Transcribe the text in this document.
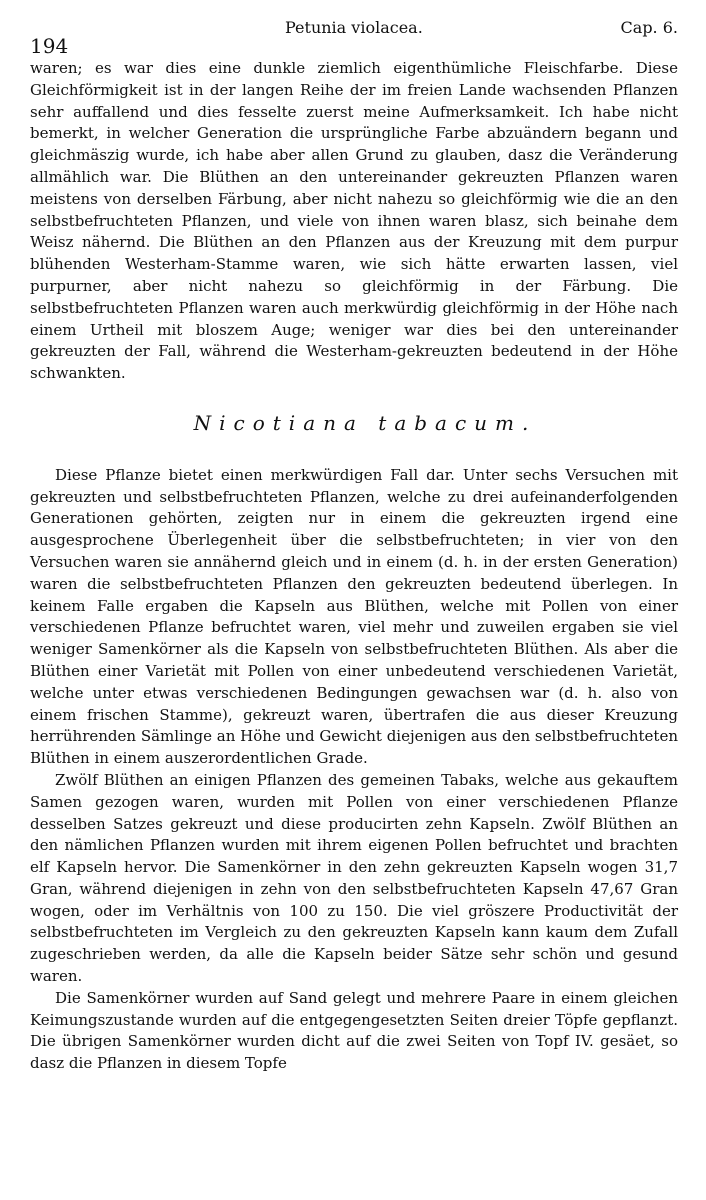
194
Petunia violacea.	Cap. 6.

waren; es war dies eine dunkle ziemlich eigenthümliche Fleischfarbe. Diese Gleichförmigkeit ist in der langen Reihe der im freien Lande wachsenden Pflanzen sehr auffallend und dies fesselte zuerst meine Aufmerksamkeit. Ich habe nicht bemerkt, in welcher Generation die ursprüngliche Farbe abzuändern begann und gleichmäszig wurde, ich habe aber allen Grund zu glauben, dasz die Veränderung allmählich war. Die Blüthen an den untereinander gekreuzten Pflanzen waren meistens von derselben Färbung, aber nicht nahezu so gleichförmig wie die an den selbstbefruchteten Pflanzen, und viele von ihnen waren blasz, sich beinahe dem Weisz nähernd. Die Blüthen an den Pflanzen aus der Kreuzung mit dem purpur blühenden Westerham-Stamme waren, wie sich hätte erwarten lassen, viel purpurner, aber nicht nahezu so gleichförmig in der Färbung. Die selbstbefruchteten Pflanzen waren auch merkwürdig gleichförmig in der Höhe nach einem Urtheil mit bloszem Auge; weniger war dies bei den untereinander gekreuzten der Fall, während die Westerham-gekreuzten bedeutend in der Höhe schwankten.

Nicotiana tabacum.

Diese Pflanze bietet einen merkwürdigen Fall dar. Unter sechs Versuchen mit gekreuzten und selbstbefruchteten Pflanzen, welche zu drei aufeinanderfolgenden Generationen gehörten, zeigten nur in einem die gekreuzten irgend eine ausgesprochene Überlegenheit über die selbstbefruchteten; in vier von den Versuchen waren sie annähernd gleich und in einem (d. h. in der ersten Generation) waren die selbstbefruchteten Pflanzen den gekreuzten bedeutend überlegen. In keinem Falle ergaben die Kapseln aus Blüthen, welche mit Pollen von einer verschiedenen Pflanze befruchtet waren, viel mehr und zuweilen ergaben sie viel weniger Samenkörner als die Kapseln von selbstbefruchteten Blüthen. Als aber die Blüthen einer Varietät mit Pollen von einer unbedeutend verschiedenen Varietät, welche unter etwas verschiedenen Bedingungen gewachsen war (d. h. also von einem frischen Stamme), gekreuzt waren, übertrafen die aus dieser Kreuzung herrührenden Sämlinge an Höhe und Gewicht diejenigen aus den selbstbefruchteten Blüthen in einem auszerordentlichen Grade.

Zwölf Blüthen an einigen Pflanzen des gemeinen Tabaks, welche aus gekauftem Samen gezogen waren, wurden mit Pollen von einer verschiedenen Pflanze desselben Satzes gekreuzt und diese producirten zehn Kapseln. Zwölf Blüthen an den nämlichen Pflanzen wurden mit ihrem eigenen Pollen befruchtet und brachten elf Kapseln hervor. Die Samenkörner in den zehn gekreuzten Kapseln wogen 31,7 Gran, während diejenigen in zehn von den selbstbefruchteten Kapseln 47,67 Gran wogen, oder im Verhältnis von 100 zu 150. Die viel gröszere Productivität der selbstbefruchteten im Vergleich zu den gekreuzten Kapseln kann kaum dem Zufall zugeschrieben werden, da alle die Kapseln beider Sätze sehr schön und gesund waren.

Die Samenkörner wurden auf Sand gelegt und mehrere Paare in einem gleichen Keimungszustande wurden auf die entgegengesetzten Seiten dreier Töpfe gepflanzt. Die übrigen Samenkörner wurden dicht auf die zwei Seiten von Topf IV. gesäet, so dasz die Pflanzen in diesem Topfe
